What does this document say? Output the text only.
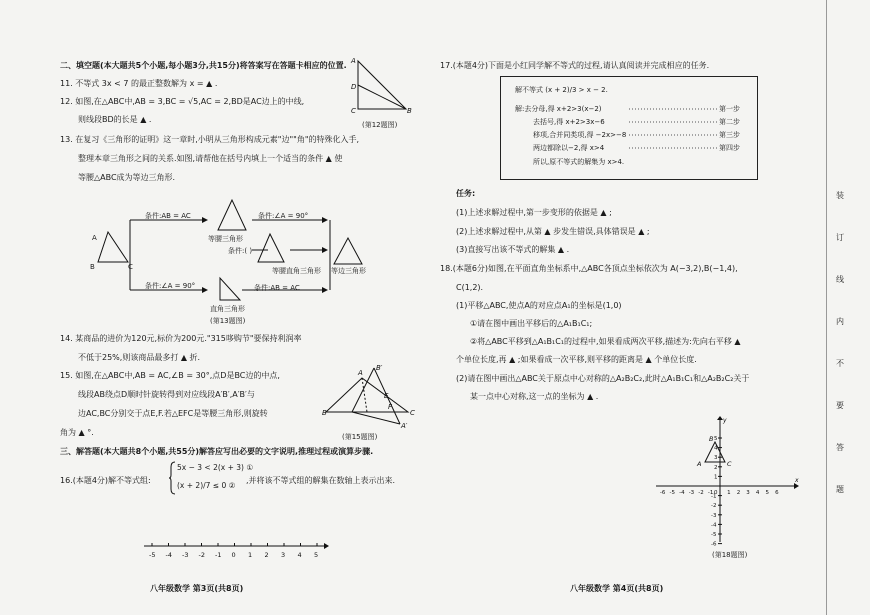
二、填空题(本大题共5个小题,每小题3分,共15分)将答案写在答题卡相应的位置.
11. 不等式 3x < 7 的最正整数解为 x = ▲ .
12. 如图,在△ABC中,AB = 3,BC = √5,AC = 2,BD是AC边上的中线,
则线段BD的长是 ▲ .
A
D
C	B
(第12题图)
13. 在复习《三角形的证明》这一章时,小明从三角形构成元素"边""角"的特殊化入手,
整理本章三角形之间的关系.如图,请帮他在括号内填上一个适当的条件 ▲ 使
等腰△ABC成为等边三角形.
A
B	C
条件:AB = AC
条件:∠A = 90°
条件:∠A = 90°
条件:AB = AC
条件:( )
等腰三角形
直角三角形
等腰直角三角形 等边三角形
(第13题图)
14. 某商品的进价为120元,标价为200元."315哆购节"要保持利润率
不低于25%,则该商品最多打 ▲ 折.
15. 如图,在△ABC中,AB = AC,∠B = 30°,点D是BC边的中点,
线段AB绕点D顺时针旋转得到对应线段A′B′,A′B′与
边AC,BC分别交于点E,F.若△EFC是等腰三角形,则旋转
角为 ▲ °.
A
B′
B	C
E
F
A′
(第15题图)
三、解答题(本大题共8个小题,共55分)解答应写出必要的文字说明,推理过程或演算步骤.
16.(本题4分)解不等式组:
5x − 3 < 2(x + 3) ①
(x + 2)/7 ≤ 0 ②
,并将该不等式组的解集在数轴上表示出来.
-5 -4 -3 -2 -1 0 1 2 3 4 5
八年级数学 第3页(共8页)
17.(本题4分)下面是小红同学解不等式的过程,请认真阅读并完成相应的任务.
解不等式 (x + 2)/3 > x − 2.
解:去分母,得 x+2>3(x−2)	第一步
去括号,得 x+2>3x−6	第二步
移项,合并同类项,得 −2x>−8	第三步
两边都除以−2,得 x>4	第四步
所以,原不等式的解集为 x>4.
任务:
(1)上述求解过程中,第一步变形的依据是 ▲ ;
(2)上述求解过程中,从第 ▲ 步发生错误,具体错误是 ▲ ;
(3)直接写出该不等式的解集 ▲ .
18.(本题6分)如图,在平面直角坐标系中,△ABC各顶点坐标依次为 A(−3,2),B(−1,4),
C(1,2).
(1)平移△ABC,使点A的对应点A₁的坐标是(1,0)
①请在图中画出平移后的△A₁B₁C₁;
②将△ABC平移到△A₁B₁C₁的过程中,如果看成两次平移,描述为:先向右平移 ▲
个单位长度,再 ▲ ;如果看成一次平移,则平移的距离是 ▲ 个单位长度.
(2)请在图中画出△ABC关于原点中心对称的△A₂B₂C₂,此时△A₁B₁C₁和△A₂B₂C₂关于
某一点中心对称,这一点的坐标为 ▲ .
x
y
-6 -5 -4 -3 -2 -1 0 1 2 3 4 5 6
5
4
3
2
1
-1
-2
-3
-4
-5
-6
A
B
C
(第18题图)
八年级数学 第4页(共8页)
装
订
线
内
不
要
答
题
